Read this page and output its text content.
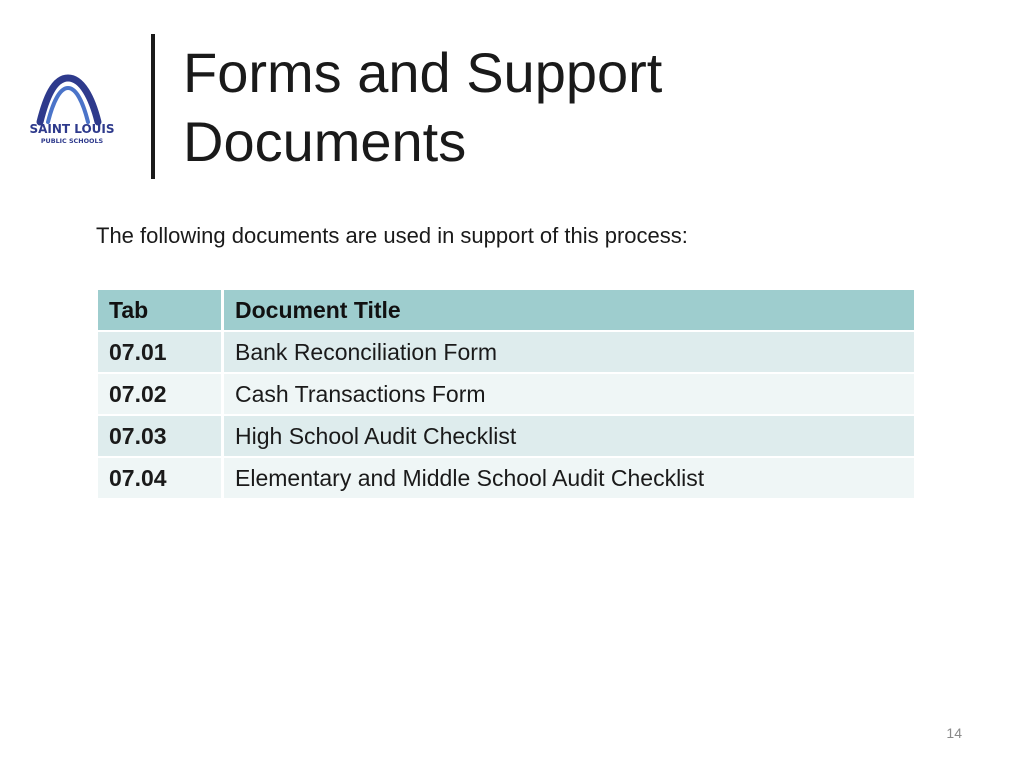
SAINT LOUIS
PUBLIC SCHOOLS
Forms and Support
Documents

The following documents are used in support of this process:

Tab	Document Title
07.01	Bank Reconciliation Form
07.02	Cash Transactions Form
07.03	High School Audit Checklist
07.04	Elementary and Middle School Audit Checklist
14
